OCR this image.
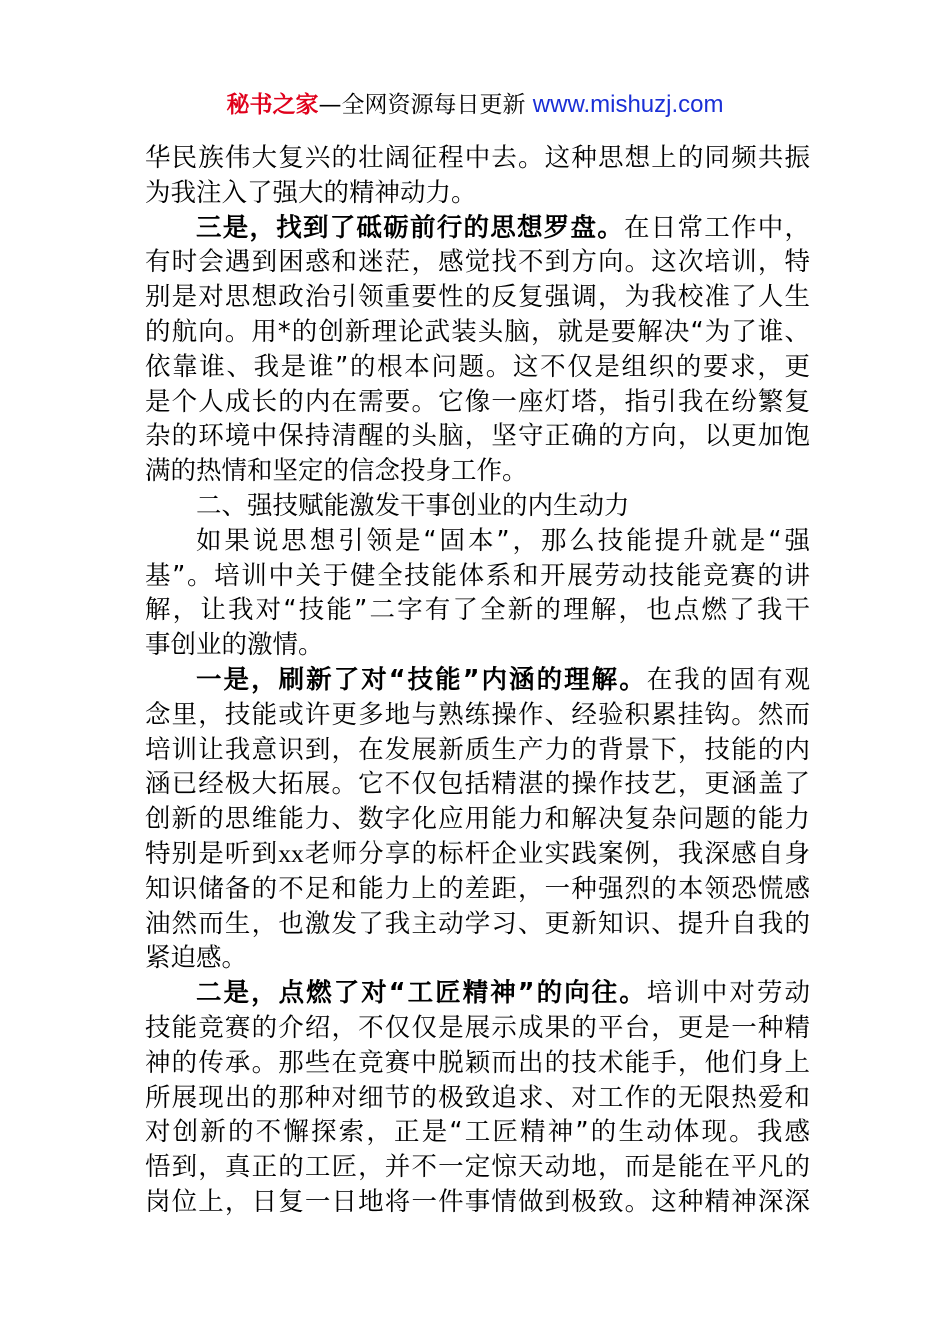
秘书之家—全网资源每日更新 www.mishuzj.com
华民族伟大复兴的壮阔征程中去。这种思想上的同频共振
为我注入了强大的精神动力。
三是，找到了砥砺前行的思想罗盘。在日常工作中，
有时会遇到困惑和迷茫，感觉找不到方向。这次培训，特
别是对思想政治引领重要性的反复强调，为我校准了人生
的航向。用*的创新理论武装头脑，就是要解决“为了谁、
依靠谁、我是谁”的根本问题。这不仅是组织的要求，更
是个人成长的内在需要。它像一座灯塔，指引我在纷繁复
杂的环境中保持清醒的头脑，坚守正确的方向，以更加饱
满的热情和坚定的信念投身工作。
二、强技赋能激发干事创业的内生动力
如果说思想引领是“固本”，那么技能提升就是“强
基”。培训中关于健全技能体系和开展劳动技能竞赛的讲
解，让我对“技能”二字有了全新的理解，也点燃了我干
事创业的激情。
一是，刷新了对“技能”内涵的理解。在我的固有观
念里，技能或许更多地与熟练操作、经验积累挂钩。然而
培训让我意识到，在发展新质生产力的背景下，技能的内
涵已经极大拓展。它不仅包括精湛的操作技艺，更涵盖了
创新的思维能力、数字化应用能力和解决复杂问题的能力
特别是听到xx老师分享的标杆企业实践案例，我深感自身
知识储备的不足和能力上的差距，一种强烈的本领恐慌感
油然而生，也激发了我主动学习、更新知识、提升自我的
紧迫感。
二是，点燃了对“工匠精神”的向往。培训中对劳动
技能竞赛的介绍，不仅仅是展示成果的平台，更是一种精
神的传承。那些在竞赛中脱颖而出的技术能手，他们身上
所展现出的那种对细节的极致追求、对工作的无限热爱和
对创新的不懈探索，正是“工匠精神”的生动体现。我感
悟到，真正的工匠，并不一定惊天动地，而是能在平凡的
岗位上，日复一日地将一件事情做到极致。这种精神深深
